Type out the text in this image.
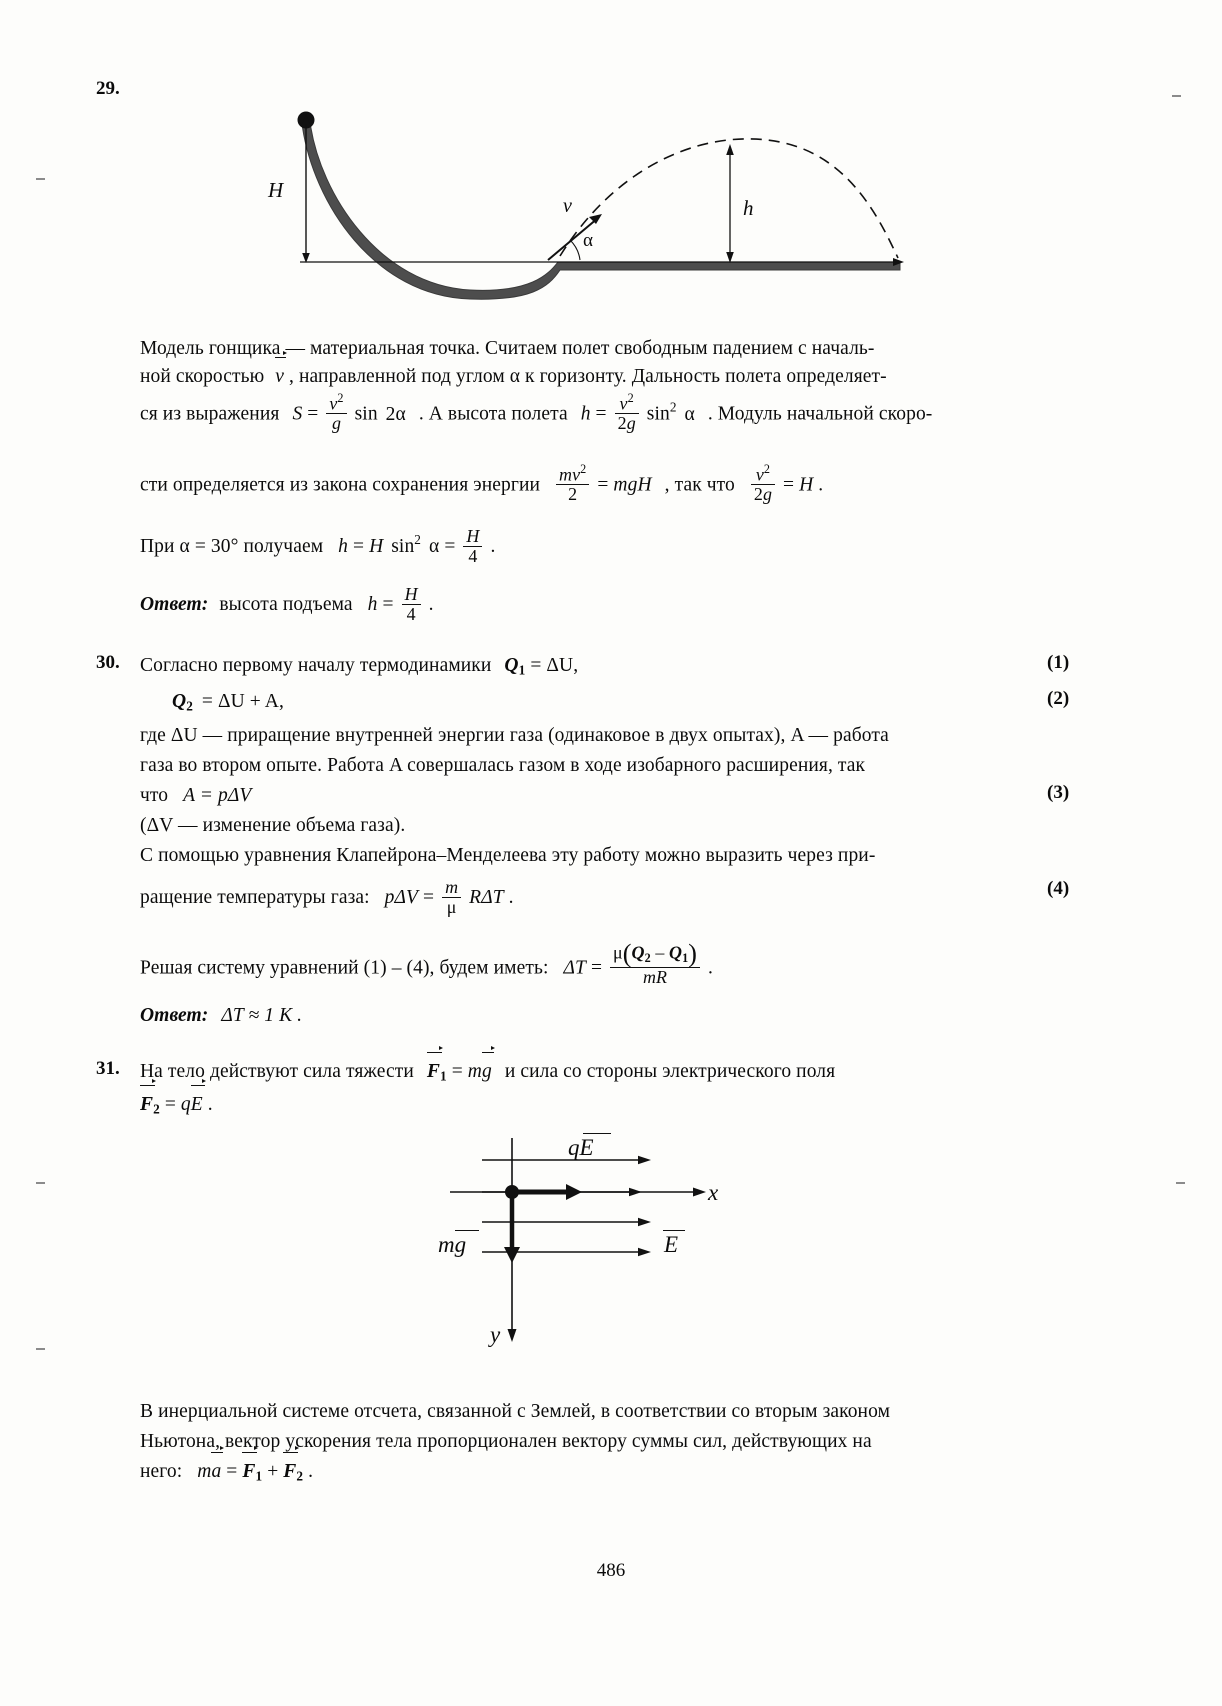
29.
H
h
v
α
Модель гонщика — материальная точка. Считаем полет свободным падением с началь-
ной скоростью v , направленной под углом α к горизонту. Дальность полета определяет-
ся из выражения $S = \frac{v^2}{g}$ sin 2α . А высота полета $h = \frac{v^2}{2g} \sin^2 \alpha$ . Модуль начальной скоро-
сти определяется из закона сохранения энергии $\frac{mv^2}{2}$ = mgH , так что $\frac{v^2}{2g} = H$ .
При α = 30° получаем h = H $\sin^2 \alpha = \frac{H}{4}$ .
Ответ: высота подъема $h = \frac{H}{4}$ .
30. Согласно первому началу термодинамики $Q_1 = \Delta U$,	(1)
$Q_2 = \Delta U + A$,	(2)
где ΔU — приращение внутренней энергии газа (одинаковое в двух опытах), A — работа
газа во втором опыте. Работа A совершалась газом в ходе изобарного расширения, так
что A = pΔV	(3)
(ΔV — изменение объема газа).
С помощью уравнения Клапейрона–Менделеева эту работу можно выразить через при-
ращение температуры газа: $p\Delta V = \frac{m}{\mu}$ RΔT .	(4)
Решая систему уравнений (1) – (4), будем иметь: $\Delta T = \frac{\mu(Q_2 - Q_1)}{mR}$ .
Ответ: ΔT ≈ 1 К .
31. На тело действуют сила тяжести F
$_1$ = mg и сила со стороны электрического поля
F
$_2$ = qE
.
qE
mg	E
x
y
В инерциальной системе отсчета, связанной с Землей, в соответствии со вторым законом
Ньютона, вектор ускорения тела пропорционален вектору суммы сил, действующих на
него: ma
= F
$_1$ + F
$_2$ .
486
